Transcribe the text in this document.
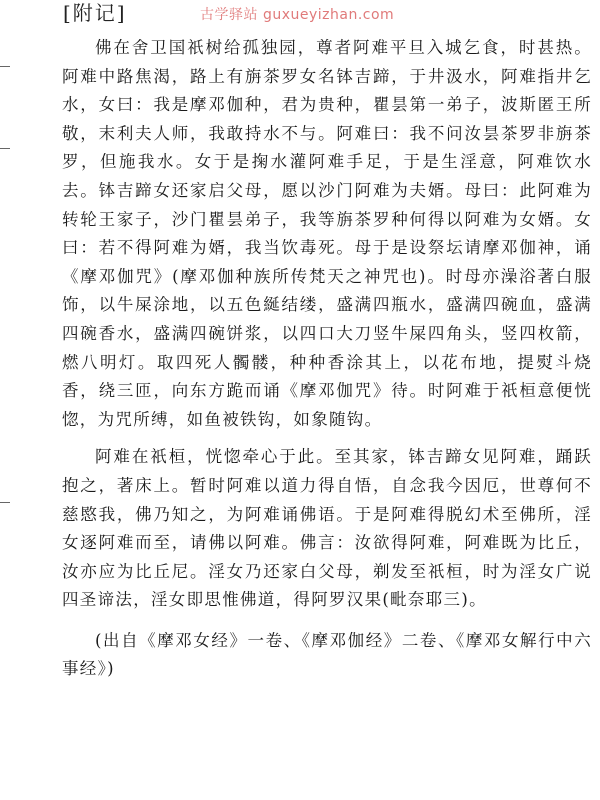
[附记]	古学驿站 guxueyizhan.com

佛在舍卫国祇树给孤独园，尊者阿难平旦入城乞食，时甚热。阿难中路焦渴，路上有旃茶罗女名钵吉蹄，于井汲水，阿难指井乞水，女曰：我是摩邓伽种，君为贵种，瞿昙第一弟子，波斯匿王所敬，末利夫人师，我敢持水不与。阿难曰：我不问汝昙茶罗非旃茶罗，但施我水。女于是掬水灌阿难手足，于是生淫意，阿难饮水去。钵吉蹄女还家启父母，愿以沙门阿难为夫婿。母曰：此阿难为转轮王家子，沙门瞿昙弟子，我等旃茶罗种何得以阿难为女婿。女曰：若不得阿难为婿，我当饮毒死。母于是设祭坛请摩邓伽神，诵《摩邓伽咒》(摩邓伽种族所传梵天之神咒也)。时母亦澡浴著白服饰，以牛屎涂地，以五色綖结缕，盛满四瓶水，盛满四碗血，盛满四碗香水，盛满四碗饼浆，以四口大刀竖牛屎四角头，竖四枚箭，燃八明灯。取四死人髑髅，种种香涂其上，以花布地，提熨斗烧香，绕三匝，向东方跪而诵《摩邓伽咒》待。时阿难于祇桓意便恍惚，为咒所缚，如鱼被铁钩，如象随钩。

阿难在祇桓，恍惚牵心于此。至其家，钵吉蹄女见阿难，踊跃抱之，著床上。暂时阿难以道力得自悟，自念我今因厄，世尊何不慈愍我，佛乃知之，为阿难诵佛语。于是阿难得脱幻术至佛所，淫女逐阿难而至，请佛以阿难。佛言：汝欲得阿难，阿难既为比丘，汝亦应为比丘尼。淫女乃还家白父母，剃发至祇桓，时为淫女广说四圣谛法，淫女即思惟佛道，得阿罗汉果(毗奈耶三)。

(出自《摩邓女经》一卷、《摩邓伽经》二卷、《摩邓女解行中六事经》)
